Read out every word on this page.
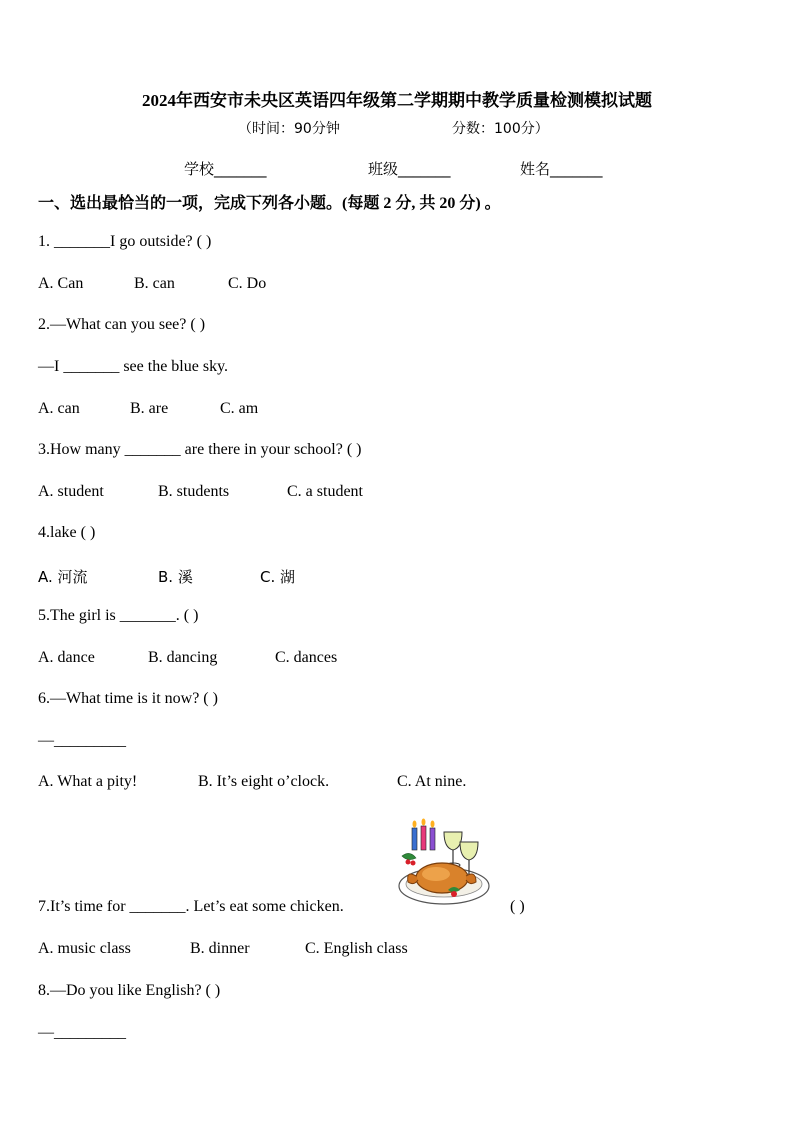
2024年西安市未央区英语四年级第二学期期中教学质量检测模拟试题
（时间：90分钟	分数：100分）
学校_______	班级_______	姓名_______
一、选出最恰当的一项，完成下列各小题。(每题 2 分, 共 20 分) 。
1. _______I go outside? ( )
A. Can	B. can	C. Do
2.—What can you see? ( )
—I _______ see the blue sky.
A. can	B. are	C. am
3.How many _______ are there in your school? ( )
A. student	B. students	C. a student
4.lake ( )
A. 河流	B. 溪	C. 湖
5.The girl is _______. ( )
A. dance	B. dancing	C. dances
6.—What time is it now? ( )
—_________
A. What a pity!	B. It’s eight o’clock.	C. At nine.
7.It’s time for _______. Let’s eat some chicken.	( )
A. music class	B. dinner	C. English class
8.—Do you like English? ( )
—_________
